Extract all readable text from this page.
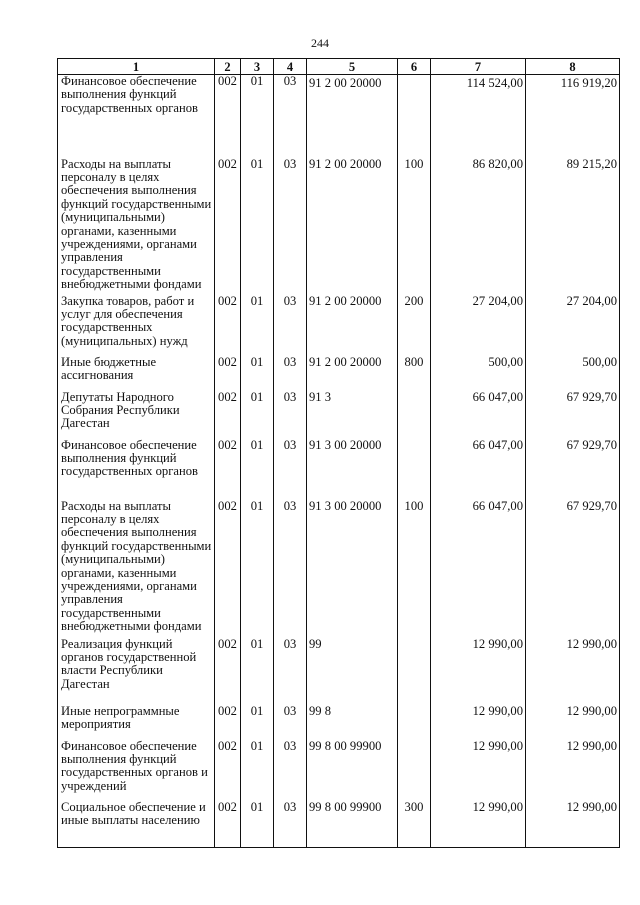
244
1	2	3	4	5	6	7	8
Финансовое обеспечение выполнения функций государственных органов	002	01	03	91 2 00 20000		114 524,00	116 919,20
Расходы на выплаты персоналу в целях обеспечения выполнения функций государственными (муниципальными) органами, казенными учреждениями, органами управления государственными внебюджетными фондами	002	01	03	91 2 00 20000	100	86 820,00	89 215,20
Закупка товаров, работ и услуг для обеспечения государственных (муниципальных) нужд	002	01	03	91 2 00 20000	200	27 204,00	27 204,00
Иные бюджетные ассигнования	002	01	03	91 2 00 20000	800	500,00	500,00
Депутаты Народного Собрания Республики Дагестан	002	01	03	91 3		66 047,00	67 929,70
Финансовое обеспечение выполнения функций государственных органов	002	01	03	91 3 00 20000		66 047,00	67 929,70
Расходы на выплаты персоналу в целях обеспечения выполнения функций государственными (муниципальными) органами, казенными учреждениями, органами управления государственными внебюджетными фондами	002	01	03	91 3 00 20000	100	66 047,00	67 929,70
Реализация функций органов государственной власти Республики Дагестан	002	01	03	99		12 990,00	12 990,00
Иные непрограммные мероприятия	002	01	03	99 8		12 990,00	12 990,00
Финансовое обеспечение выполнения функций государственных органов и учреждений	002	01	03	99 8 00 99900		12 990,00	12 990,00
Социальное обеспечение и иные выплаты населению	002	01	03	99 8 00 99900	300	12 990,00	12 990,00
